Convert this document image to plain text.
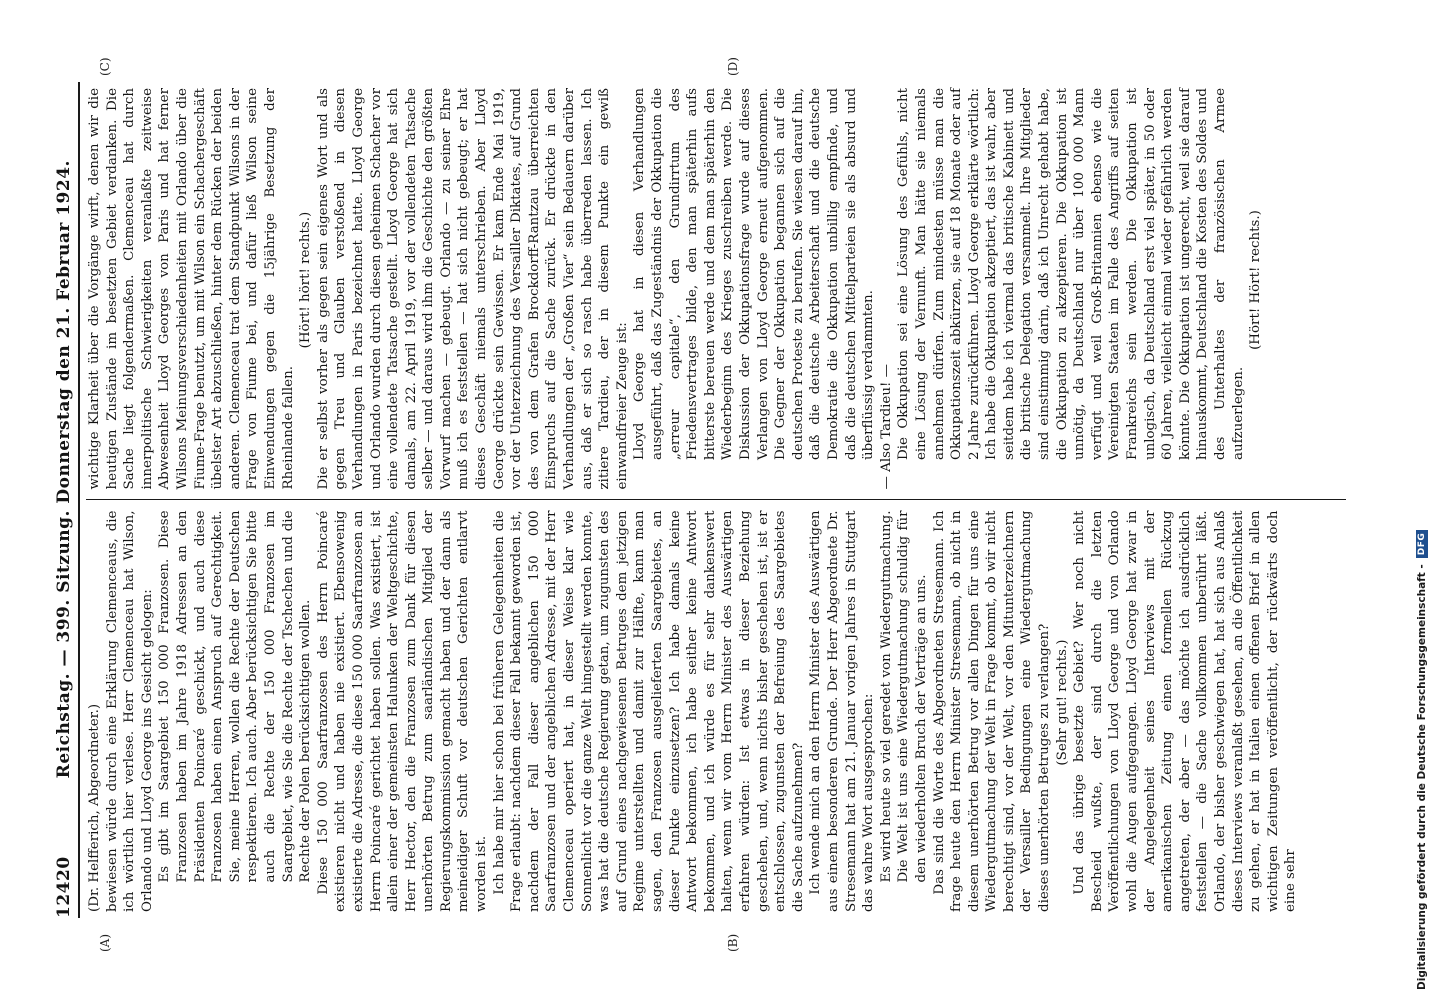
12420
Reichstag. — 399. Sitzung. Donnerstag den 21. Februar 1924.
(A)	(B)

(Dr. Helfferich, Abgeordneter.) bewiesen würde durch eine Erklärung Clemenceaus, die ich wörtlich hier verlese. Herr Clemenceau hat Wilson, Orlando und Lloyd George ins Gesicht gelogen: Es gibt im Saargebiet 150 000 Franzosen. Diese Franzosen haben im Jahre 1918 Adressen an den Präsidenten Poincaré geschickt, und auch diese Franzosen haben einen Anspruch auf Gerechtigkeit. Sie, meine Herren, wollen die Rechte der Deutschen respektieren. Ich auch. Aber berücksichtigen Sie bitte auch die Rechte der 150 000 Franzosen im Saargebiet, wie Sie die Rechte der Tschechen und die Rechte der Polen berücksichtigen wollen. Diese 150 000 Saarfranzosen des Herrn Poincaré existieren nicht und haben nie existiert. Ebensowenig existierte die Adresse, die diese 150 000 Saarfranzosen an Herrn Poincaré gerichtet haben sollen. Was existiert, ist allein einer der gemeinsten Halunken der Weltgeschichte, Herr Hector, den die Franzosen zum Dank für diesen unerhörten Betrug zum saarländischen Mitglied der Regierungskommission gemacht haben und der dann als meineidiger Schuft vor deutschen Gerichten entlarvt worden ist. Ich habe mir hier schon bei früheren Gelegenheiten die Frage erlaubt: nachdem dieser Fall bekannt geworden ist, nachdem der Fall dieser angeblichen 150 000 Saarfranzosen und der angeblichen Adresse, mit der Herr Clemenceau operiert hat, in dieser Weise klar wie Sonnenlicht vor die ganze Welt hingestellt werden konnte, was hat die deutsche Regierung getan, um zugunsten des auf Grund eines nachgewiesenen Betruges dem jetzigen Regime unterstellten und damit zur Hälfte, kann man sagen, den Franzosen ausgelieferten Saargebietes, an dieser Punkte einzusetzen? Ich habe damals keine Antwort bekommen, ich habe seither keine Antwort bekommen, und ich würde es für sehr dankenswert halten, wenn wir vom Herrn Minister des Auswärtigen erfahren würden: Ist etwas in dieser Beziehung geschehen, und, wenn nichts bisher geschehen ist, ist er entschlossen, zugunsten der Befreiung des Saargebietes die Sache aufzunehmen? Ich wende mich an den Herrn Minister des Auswärtigen aus einem besonderen Grunde. Der Herr Abgeordnete Dr. Stresemann hat am 21. Januar vorigen Jahres in Stuttgart das wahre Wort ausgesprochen: Es wird heute so viel geredet von Wiedergutmachung. Die Welt ist uns eine Wiedergutmachung schuldig für den wiederholten Bruch der Verträge an uns. Das sind die Worte des Abgeordneten Stresemann. Ich frage heute den Herrn Minister Stresemann, ob nicht in diesem unerhörten Betrug vor allen Dingen für uns eine Wiedergutmachung der Welt in Frage kommt, ob wir nicht berechtigt sind, vor der Welt, vor den Mitunterzeichnern der Versailler Bedingungen eine Wiedergutmachung dieses unerhörten Betruges zu verlangen? (Sehr gut! rechts.) Und das übrige besetzte Gebiet? Wer noch nicht Bescheid wußte, der sind durch die letzten Veröffentlichungen von Lloyd George und von Orlando wohl die Augen aufgegangen. Lloyd George hat zwar in der Angelegenheit seines Interviews mit der amerikanischen Zeitung einen formellen Rückzug angetreten, der aber — das möchte ich ausdrücklich feststellen — die Sache vollkommen unberührt läßt. Orlando, der bisher geschwiegen hat, hat sich aus Anlaß dieses Interviews veranlaßt gesehen, an die Öffentlichkeit zu gehen, er hat in Italien einen offenen Brief in allen wichtigen Zeitungen veröffentlicht, der rückwärts doch eine sehr

wichtige Klarheit über die Vorgänge wirft, denen wir die heutigen Zustände im besetzten Gebiet verdanken. Die Sache liegt folgendermaßen. Clemenceau hat durch innerpolitische Schwierigkeiten veranlaßte zeitweise Abwesenheit Lloyd Georges von Paris und hat ferner Wilsons Meinungsverschiedenheiten mit Orlando über die Fiume-Frage benutzt, um mit Wilson ein Schachergeschäft übelster Art abzuschließen, hinter dem Rücken der beiden anderen. Clemenceau trat dem Standpunkt Wilsons in der Frage von Fiume bei, und dafür ließ Wilson seine Einwendungen gegen die 15jährige Besetzung der Rheinlande fallen.

(Hört! hört! rechts.) Die er selbst vorher als gegen sein eigenes Wort und als gegen Treu und Glauben verstoßend in diesen Verhandlungen in Paris bezeichnet hatte. Lloyd George und Orlando wurden durch diesen geheimen Schacher vor eine vollendete Tatsache gestellt. Lloyd George hat sich damals, am 22. April 1919, vor der vollendeten Tatsache selber — und daraus wird ihm die Geschichte den größten Vorwurf machen — gebeugt. Orlando — zu seiner Ehre muß ich es feststellen — hat sich nicht gebeugt; er hat dieses Geschäft niemals unterschrieben. Aber Lloyd George drückte sein Gewissen. Er kam Ende Mai 1919, vor der Unterzeichnung des Versailler Diktates, auf Grund des von dem Grafen Brockdorff-Rantzau überreichten Einspruchs auf die Sache zurück. Er drückte in den Verhandlungen der „Großen Vier“ sein Bedauern darüber aus, daß er sich so rasch habe überreden lassen. Ich zitiere Tardieu, der in diesem Punkte ein gewiß einwandfreier Zeuge ist: Lloyd George hat in diesen Verhandlungen ausgeführt, daß das Zugeständnis der Okkupation die „erreur capitale“, den Grundirrtum des Friedensvertrages bilde, den man späterhin aufs bitterste bereuen werde und dem man späterhin den Wiederbeginn des Krieges zuschreiben werde. Die Diskussion der Okkupationsfrage wurde auf dieses Verlangen von Lloyd George erneut aufgenommen. Die Gegner der Okkupation begannen sich auf die deutschen Proteste zu berufen. Sie wiesen darauf hin, daß die deutsche Arbeiterschaft und die deutsche Demokratie die Okkupation unbillig empfinde, und daß die deutschen Mittelparteien sie als absurd und überflüssig verdammten. — Also Tardieu! — Die Okkupation sei eine Lösung des Gefühls, nicht eine Lösung der Vernunft. Man hätte sie niemals annehmen dürfen. Zum mindesten müsse man die Okkupationszeit abkürzen, sie auf 18 Monate oder auf 2 Jahre zurückführen. Lloyd George erklärte wörtlich: Ich habe die Okkupation akzeptiert, das ist wahr, aber seitdem habe ich viermal das britische Kabinett und die britische Delegation versammelt. Ihre Mitglieder sind einstimmig darin, daß ich Unrecht gehabt habe, die Okkupation zu akzeptieren. Die Okkupation ist unnötig, da Deutschland nur über 100 000 Mann verfügt und weil Groß-Britannien ebenso wie die Vereinigten Staaten im Falle des Angriffs auf seiten Frankreichs sein werden. Die Okkupation ist unlogisch, da Deutschland erst viel später, in 50 oder 60 Jahren, vielleicht einmal wieder gefährlich werden könnte. Die Okkupation ist ungerecht, weil sie darauf hinauskommt, Deutschland die Kosten des Soldes und des Unterhaltes der französischen Armee aufzuerlegen.

(Hört! Hört! rechts.)

(C)	(D)
Digitalisierung gefördert durch die Deutsche Forschungsgemeinschaft -
DFG
